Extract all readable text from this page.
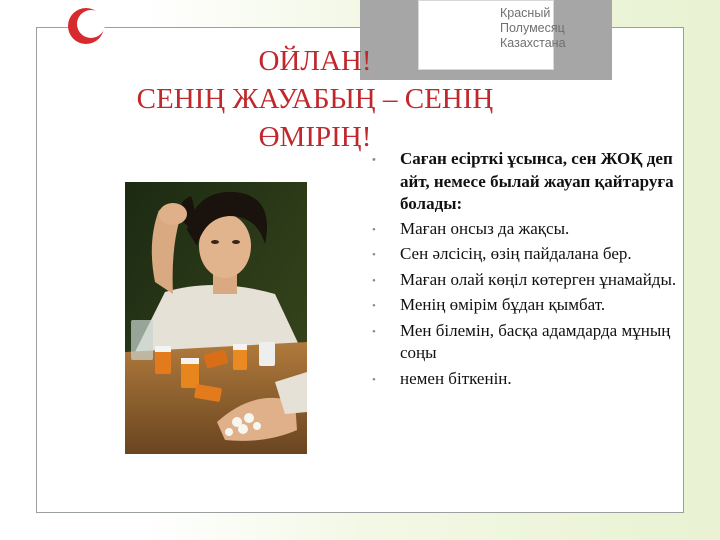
Красный
Полумесяц
Казахстана
ОЙЛАН!
СЕНІҢ ЖАУАБЫҢ – СЕНІҢ
ӨМІРІҢ!
• Саған есірткі ұсынса, сен ЖОҚ деп айт, немесе былай жауап қайтаруға болады:
• Маған онсыз да жақсы.
• Сен әлсісің, өзің пайдалана бер.
• Маған олай көңіл көтерген ұнамайды.
• Менің өмірім бұдан қымбат.
• Мен білемін, басқа адамдарда мұның соңы
• немен біткенін.
